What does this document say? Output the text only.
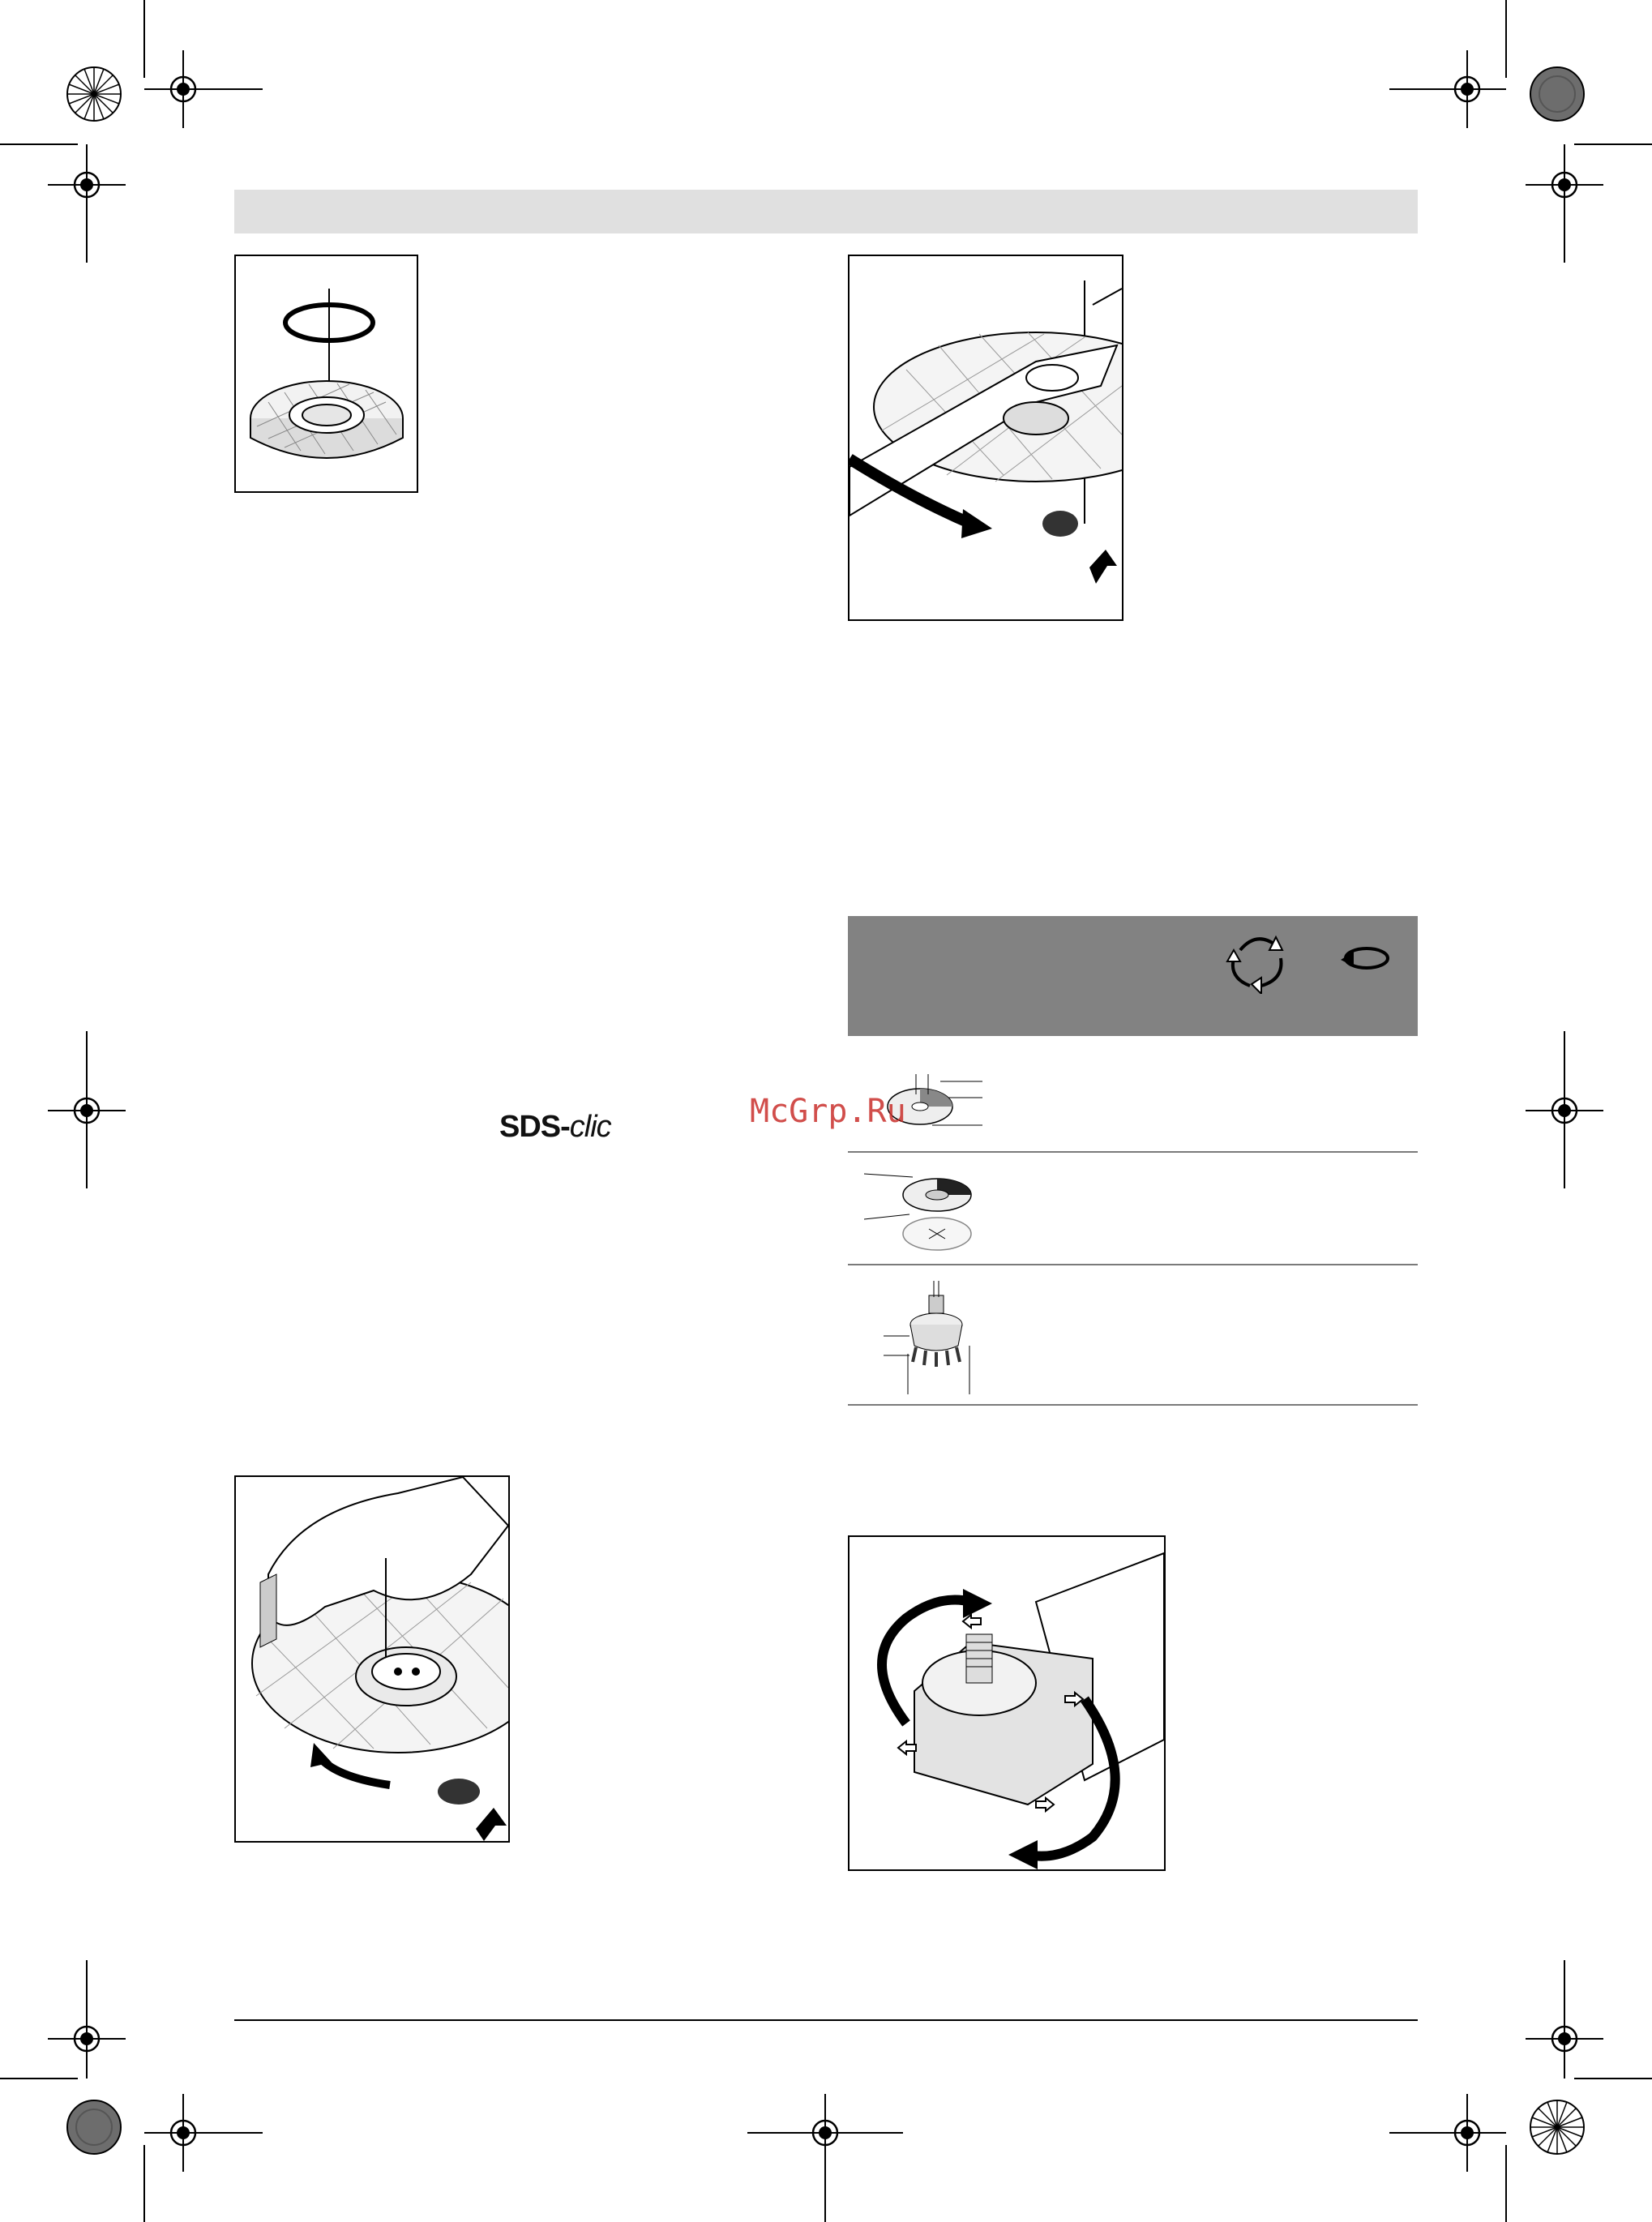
SDS- clic	McGrp.Ru
